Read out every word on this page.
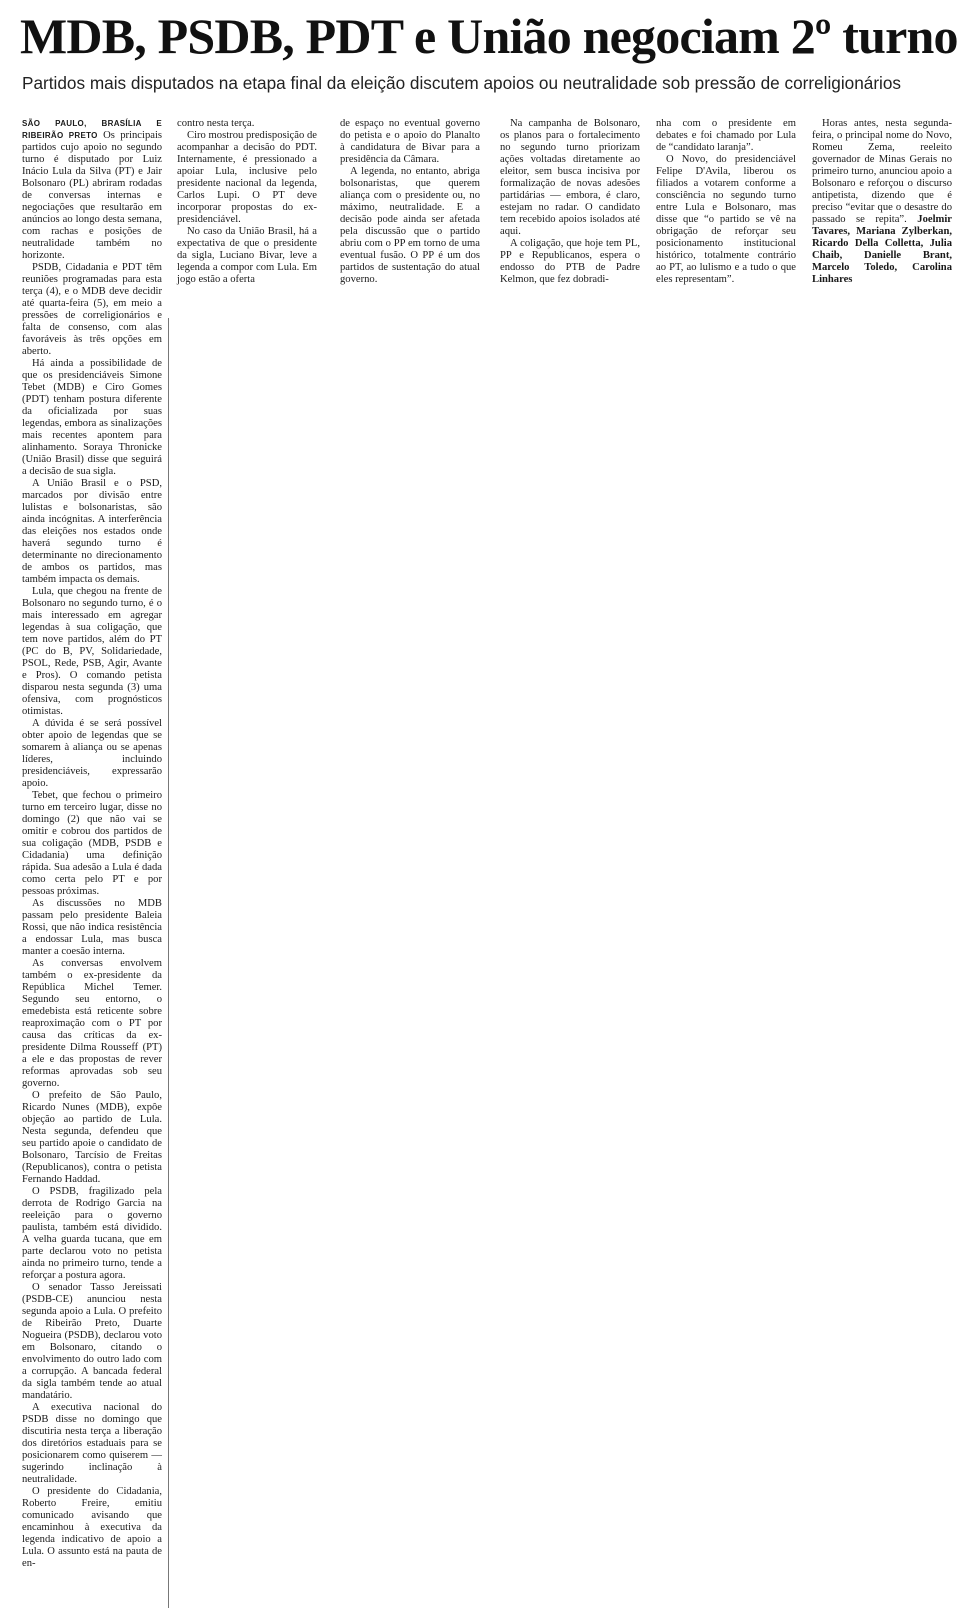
MDB, PSDB, PDT e União negociam 2º turno

Partidos mais disputados na etapa final da eleição discutem apoios ou neutralidade sob pressão de correligionários

SÃO PAULO, BRASÍLIA E RIBEIRÃO PRETO Os principais partidos cujo apoio no segundo turno é disputado por Luiz Inácio Lula da Silva (PT) e Jair Bolsonaro (PL) abriram rodadas de conversas internas e negociações que resultarão em anúncios ao longo desta semana, com rachas e posições de neutralidade também no horizonte.

PSDB, Cidadania e PDT têm reuniões programadas para esta terça (4), e o MDB deve decidir até quarta-feira (5), em meio a pressões de correligionários e falta de consenso, com alas favoráveis às três opções em aberto.

Há ainda a possibilidade de que os presidenciáveis Simone Tebet (MDB) e Ciro Gomes (PDT) tenham postura diferente da oficializada por suas legendas, embora as sinalizações mais recentes apontem para alinhamento. Soraya Thronicke (União Brasil) disse que seguirá a decisão de sua sigla.

A União Brasil e o PSD, marcados por divisão entre lulistas e bolsonaristas, são ainda incógnitas. A interferência das eleições nos estados onde haverá segundo turno é determinante no direcionamento de ambos os partidos, mas também impacta os demais.

Lula, que chegou na frente de Bolsonaro no segundo turno, é o mais interessado em agregar legendas à sua coligação, que tem nove partidos, além do PT (PC do B, PV, Solidariedade, PSOL, Rede, PSB, Agir, Avante e Pros). O comando petista disparou nesta segunda (3) uma ofensiva, com prognósticos otimistas.

A dúvida é se será possível obter apoio de legendas que se somarem à aliança ou se apenas líderes, incluindo presidenciáveis, expressarão apoio.

Tebet, que fechou o primeiro turno em terceiro lugar, disse no domingo (2) que não vai se omitir e cobrou dos partidos de sua coligação (MDB, PSDB e Cidadania) uma definição rápida. Sua adesão a Lula é dada como certa pelo PT e por pessoas próximas.

As discussões no MDB passam pelo presidente Baleia Rossi, que não indica resistência a endossar Lula, mas busca manter a coesão interna.

As conversas envolvem também o ex-presidente da República Michel Temer. Segundo seu entorno, o emedebista está reticente sobre reaproximação com o PT por causa das críticas da ex-presidente Dilma Rousseff (PT) a ele e das propostas de rever reformas aprovadas sob seu governo.

O prefeito de São Paulo, Ricardo Nunes (MDB), expôe objeção ao partido de Lula. Nesta segunda, defendeu que seu partido apoie o candidato de Bolsonaro, Tarcísio de Freitas (Republicanos), contra o petista Fernando Haddad.

O PSDB, fragilizado pela derrota de Rodrigo Garcia na reeleição para o governo paulista, também está dividido. A velha guarda tucana, que em parte declarou voto no petista ainda no primeiro turno, tende a reforçar a postura agora.

O senador Tasso Jereissati (PSDB-CE) anunciou nesta segunda apoio a Lula. O prefeito de Ribeirão Preto, Duarte Nogueira (PSDB), declarou voto em Bolsonaro, citando o envolvimento do outro lado com a corrupção. A bancada federal da sigla também tende ao atual mandatário.

A executiva nacional do PSDB disse no domingo que discutiria nesta terça a liberação dos diretórios estaduais para se posicionarem como quiserem —sugerindo inclinação à neutralidade.

O presidente do Cidadania, Roberto Freire, emitiu comunicado avisando que encaminhou à executiva da legenda indicativo de apoio a Lula. O assunto está na pauta de en-

contro nesta terça.

Ciro mostrou predisposição de acompanhar a decisão do PDT. Internamente, é pressionado a apoiar Lula, inclusive pelo presidente nacional da legenda, Carlos Lupi. O PT deve incorporar propostas do ex-presidenciável.

No caso da União Brasil, há a expectativa de que o presidente da sigla, Luciano Bivar, leve a legenda a compor com Lula. Em jogo estão a oferta

de espaço no eventual governo do petista e o apoio do Planalto à candidatura de Bivar para a presidência da Câmara.

A legenda, no entanto, abriga bolsonaristas, que querem aliança com o presidente ou, no máximo, neutralidade. E a decisão pode ainda ser afetada pela discussão que o partido abriu com o PP em torno de uma eventual fusão. O PP é um dos partidos de sustentação do atual governo.

Na campanha de Bolsonaro, os planos para o fortalecimento no segundo turno priorizam ações voltadas diretamente ao eleitor, sem busca incisiva por formalização de novas adesões partidárias — embora, é claro, estejam no radar. O candidato tem recebido apoios isolados até aqui.

A coligação, que hoje tem PL, PP e Republicanos, espera o endosso do PTB de Padre Kelmon, que fez dobradi-

nha com o presidente em debates e foi chamado por Lula de “candidato laranja”.

O Novo, do presidenciável Felipe D'Avila, liberou os filiados a votarem conforme a consciência no segundo turno entre Lula e Bolsonaro, mas disse que “o partido se vê na obrigação de reforçar seu posicionamento institucional histórico, totalmente contrário ao PT, ao lulismo e a tudo o que eles representam”.

Horas antes, nesta segunda-feira, o principal nome do Novo, Romeu Zema, reeleito governador de Minas Gerais no primeiro turno, anunciou apoio a Bolsonaro e reforçou o discurso antipetista, dizendo que é preciso “evitar que o desastre do passado se repita”. Joelmir Tavares, Mariana Zylberkan, Ricardo Della Colletta, Julia Chaib, Danielle Brant, Marcelo Toledo, Carolina Linhares
